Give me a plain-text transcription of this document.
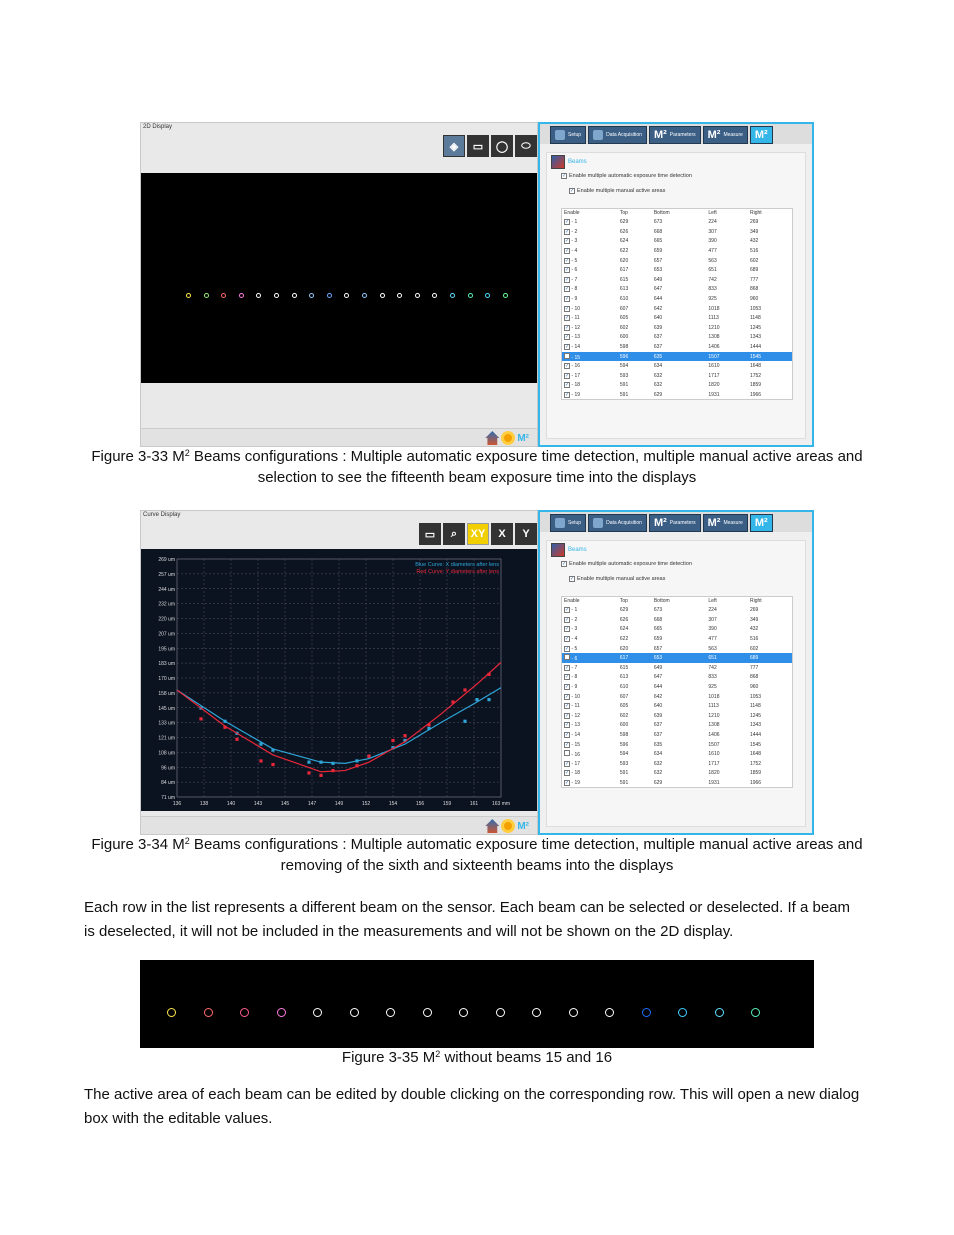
2D Display
◈	▭	◯	⬭
M²
Setup	Data Acquisition M² Parameters M² Measure M²
Beams
✓ Enable multiple automatic exposure time detection
✓ Enable multiple manual active areas
Enable	Top	Bottom	Left	Right
✓ - 1	629	673	224	269
✓ - 2	626	668	307	349
✓ - 3	624	665	390	432
✓ - 4	622	659	477	516
✓ - 5	620	657	563	602
✓ - 6	617	653	651	689
✓ - 7	615	649	742	777
✓ - 8	613	647	833	868
✓ - 9	610	644	925	960
✓ - 10	607	642	1018	1053
✓ - 11	605	640	1113	1148
✓ - 12	602	639	1210	1245
✓ - 13	600	637	1308	1343
✓ - 14	598	637	1406	1444
- 15	596	635	1507	1545
✓ - 16	594	634	1610	1648
✓ - 17	593	632	1717	1752
✓ - 18	591	632	1820	1859
✓ - 19	591	629	1931	1966
Figure 3-33 $M^2$ Beams configurations : Multiple automatic exposure time detection, multiple manual active areas and selection to see the fifteenth beam exposure time into the displays
Curve Display
▭	⌕	XY	X	Y
269 um
257 um
244 um
232 um
220 um
207 um
195 um
183 um
170 um
158 um
145 um
133 um
121 um
108 um
96 um
84 um
71 um
136	138	140	143	145	147	149	152	154	156	159	161	163 mm
Blue Curve: X diameters after lens
Red Curve: Y diameters after lens
M²
Setup	Data Acquisition M² Parameters M² Measure M²
Beams
✓ Enable multiple automatic exposure time detection
✓ Enable multiple manual active areas
Enable	Top	Bottom	Left	Right
✓ - 1	629	673	224	269
✓ - 2	626	668	307	349
✓ - 3	624	665	390	432
✓ - 4	622	659	477	516
✓ - 5	620	657	563	602
- 6	617	653	651	689
✓ - 7	615	649	742	777
✓ - 8	613	647	833	868
✓ - 9	610	644	925	960
✓ - 10	607	642	1018	1053
✓ - 11	605	640	1113	1148
✓ - 12	602	639	1210	1245
✓ - 13	600	637	1308	1343
✓ - 14	598	637	1406	1444
✓ - 15	596	635	1507	1545
- 16	594	634	1610	1648
✓ - 17	593	632	1717	1752
✓ - 18	591	632	1820	1859
✓ - 19	591	629	1931	1966
Figure 3-34 $M^2$ Beams configurations : Multiple automatic exposure time detection, multiple manual active areas and removing of the sixth and sixteenth beams into the displays

Each row in the list represents a different beam on the sensor. Each beam can be selected or deselected. If a beam is deselected, it will not be included in the measurements and will not be shown on the 2D display.

Figure 3-35 $M^2$ without beams 15 and 16

The active area of each beam can be edited by double clicking on the corresponding row. This will open a new dialog box with the editable values.
